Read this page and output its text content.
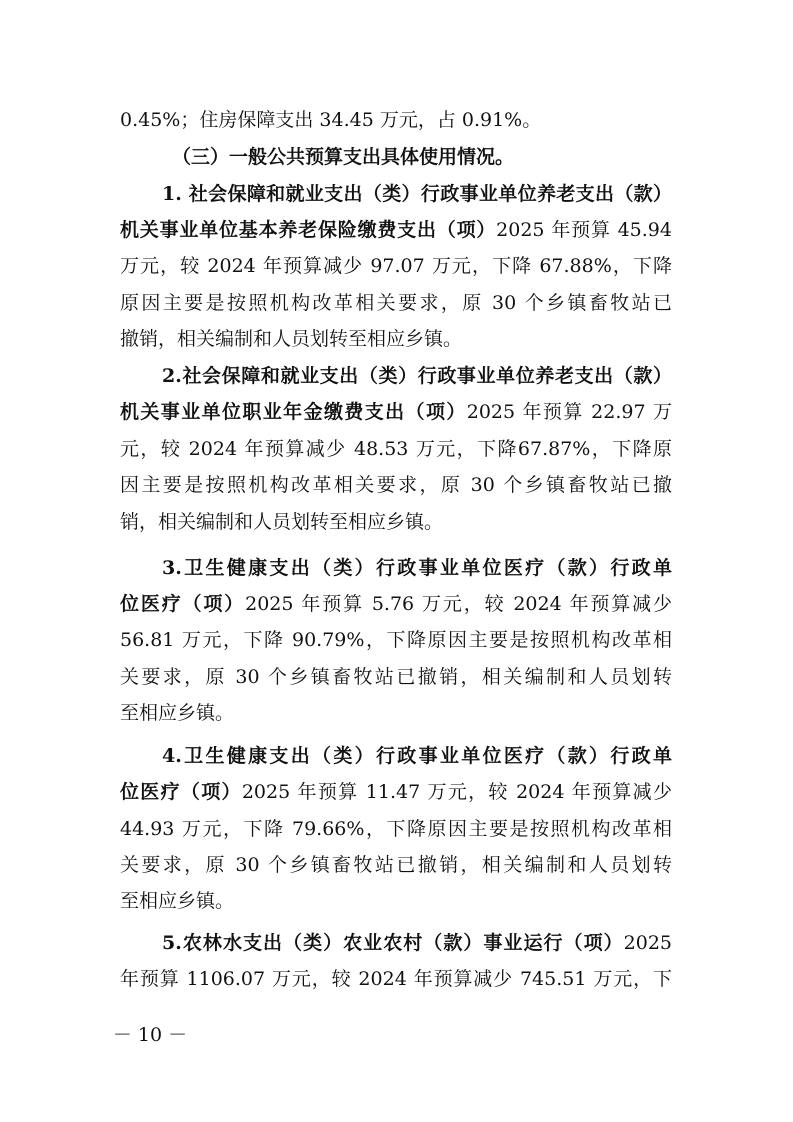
0.45%；住房保障支出 34.45 万元，占 0.91%。
（三）一般公共预算支出具体使用情况。
1. 社会保障和就业支出（类）行政事业单位养老支出（款）
机关事业单位基本养老保险缴费支出（项）2025 年预算 45.94
万元，较 2024 年预算减少 97.07 万元，下降 67.88%，下降
原因主要是按照机构改革相关要求，原 30 个乡镇畜牧站已
撤销，相关编制和人员划转至相应乡镇。
2.社会保障和就业支出（类）行政事业单位养老支出（款）
机关事业单位职业年金缴费支出（项）2025 年预算 22.97 万
元，较 2024 年预算减少 48.53 万元，下降67.87%，下降原
因主要是按照机构改革相关要求，原 30 个乡镇畜牧站已撤
销，相关编制和人员划转至相应乡镇。
3.卫生健康支出（类）行政事业单位医疗（款）行政单
位医疗（项）2025 年预算 5.76 万元，较 2024 年预算减少
56.81 万元，下降 90.79%，下降原因主要是按照机构改革相
关要求，原 30 个乡镇畜牧站已撤销，相关编制和人员划转
至相应乡镇。
4.卫生健康支出（类）行政事业单位医疗（款）行政单
位医疗（项）2025 年预算 11.47 万元，较 2024 年预算减少
44.93 万元，下降 79.66%，下降原因主要是按照机构改革相
关要求，原 30 个乡镇畜牧站已撤销，相关编制和人员划转
至相应乡镇。
5.农林水支出（类）农业农村（款）事业运行（项）2025
年预算 1106.07 万元，较 2024 年预算减少 745.51 万元，下
－ 10 －
